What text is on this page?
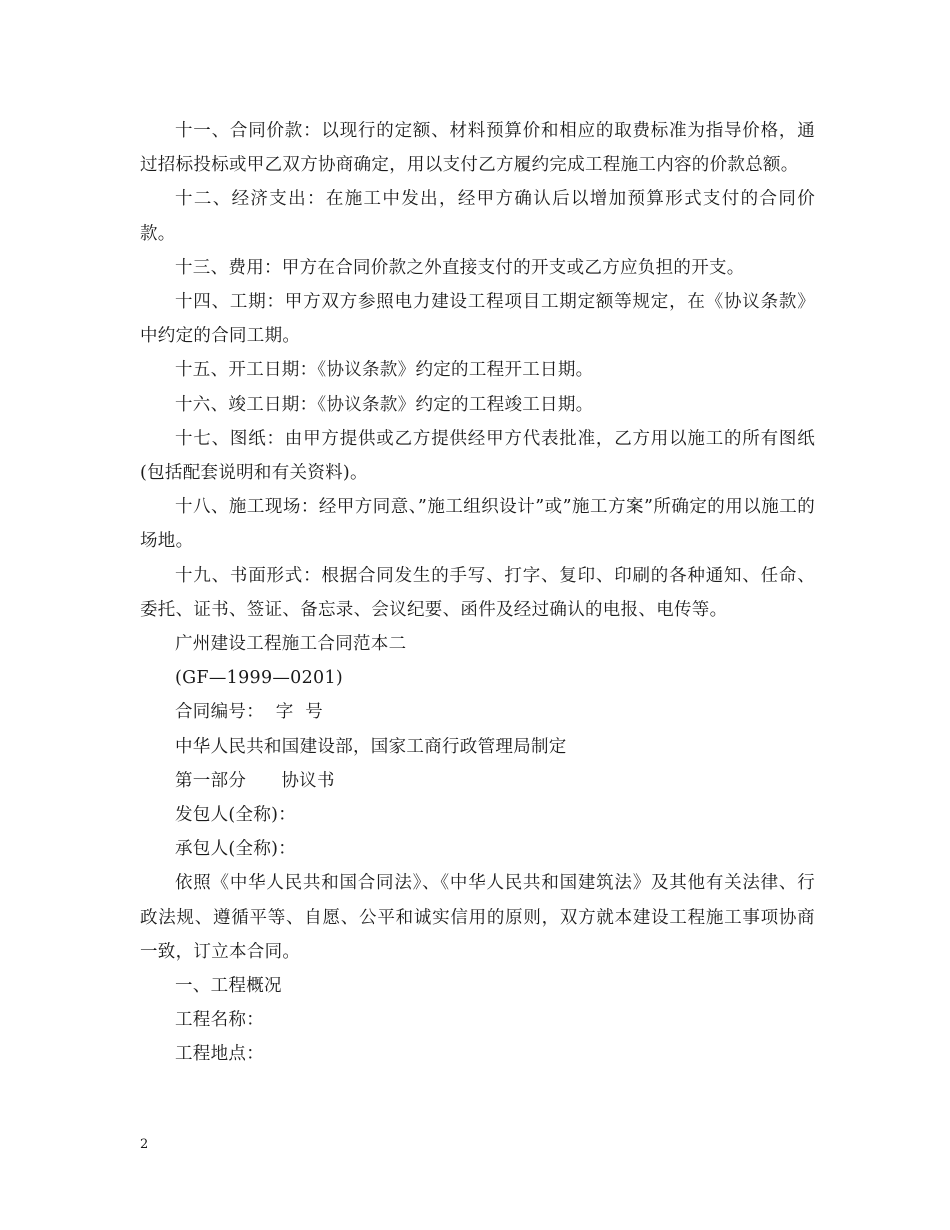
十一、合同价款：以现行的定额、材料预算价和相应的取费标准为指导价格，通过招标投标或甲乙双方协商确定，用以支付乙方履约完成工程施工内容的价款总额。

十二、经济支出：在施工中发出，经甲方确认后以增加预算形式支付的合同价款。

十三、费用：甲方在合同价款之外直接支付的开支或乙方应负担的开支。

十四、工期：甲方双方参照电力建设工程项目工期定额等规定，在《协议条款》中约定的合同工期。

十五、开工日期：《协议条款》约定的工程开工日期。

十六、竣工日期：《协议条款》约定的工程竣工日期。

十七、图纸：由甲方提供或乙方提供经甲方代表批准，乙方用以施工的所有图纸(包括配套说明和有关资料)。

十八、施工现场：经甲方同意、”施工组织设计”或”施工方案”所确定的用以施工的场地。

十九、书面形式：根据合同发生的手写、打字、复印、印刷的各种通知、任命、委托、证书、签证、备忘录、会议纪要、函件及经过确认的电报、电传等。

广州建设工程施工合同范本二

(GF—1999—0201)

合同编号：  字  号

中华人民共和国建设部，国家工商行政管理局制定

第一部分      协议书

发包人(全称)：

承包人(全称)：

依照《中华人民共和国合同法》、《中华人民共和国建筑法》及其他有关法律、行政法规、遵循平等、自愿、公平和诚实信用的原则，双方就本建设工程施工事项协商一致，订立本合同。

一、工程概况

工程名称：

工程地点：

2
